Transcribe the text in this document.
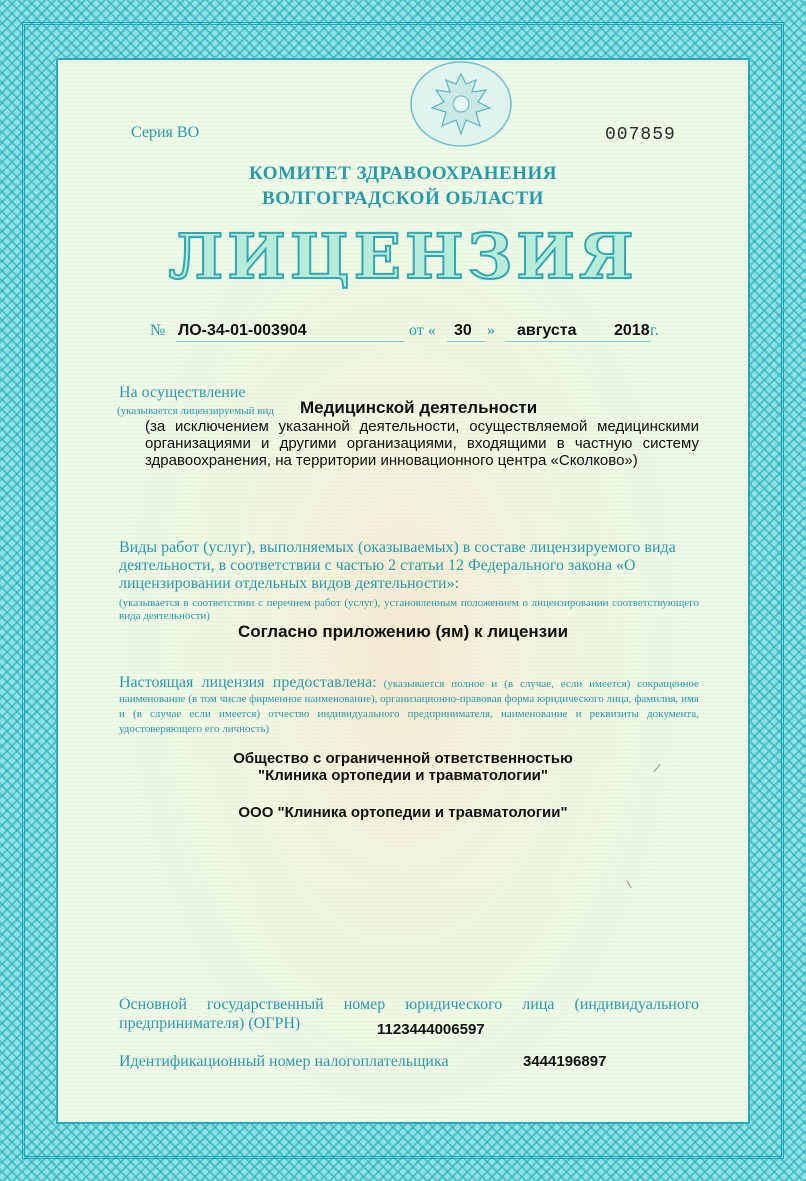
Серия ВО	007859
КОМИТЕТ ЗДРАВООХРАНЕНИЯ
ВОЛГОГРАДСКОЙ ОБЛАСТИ
ЛИЦЕНЗИЯ
№ ЛО-34-01-003904	от « 30 » августа 2018 г.
На осуществление
(указывается лицензируемый вид Медицинской деятельности
(за исключением указанной деятельности, осуществляемой медицинскими организациями и другими организациями, входящими в частную систему здравоохранения, на территории инновационного центра «Сколково»)
Виды работ (услуг), выполняемых (оказываемых) в составе лицензируемого вида деятельности, в соответствии с частью 2 статьи 12 Федерального закона «О лицензировании отдельных видов деятельности»:
(указывается в соответствии с перечнем работ (услуг), установленным положением о лицензировании соответствующего вида деятельности)
Согласно приложению (ям) к лицензии
Настоящая лицензия предоставлена: (указывается полное и (в случае, если имеется) сокращенное наименование (в том числе фирменное наименование), организационно-правовая форма юридического лица, фамилия, имя и (в случае если имеется) отчество индивидуального предпринимателя, наименование и реквизиты документа, удостоверяющего его личность)
Общество с ограниченной ответственностью
"Клиника ортопедии и травматологии"
ООО "Клиника ортопедии и травматологии"
Основной государственный номер юридического лица (индивидуального предпринимателя) (ОГРН)	1123444006597
Идентификационный номер налогоплательщика	3444196897
